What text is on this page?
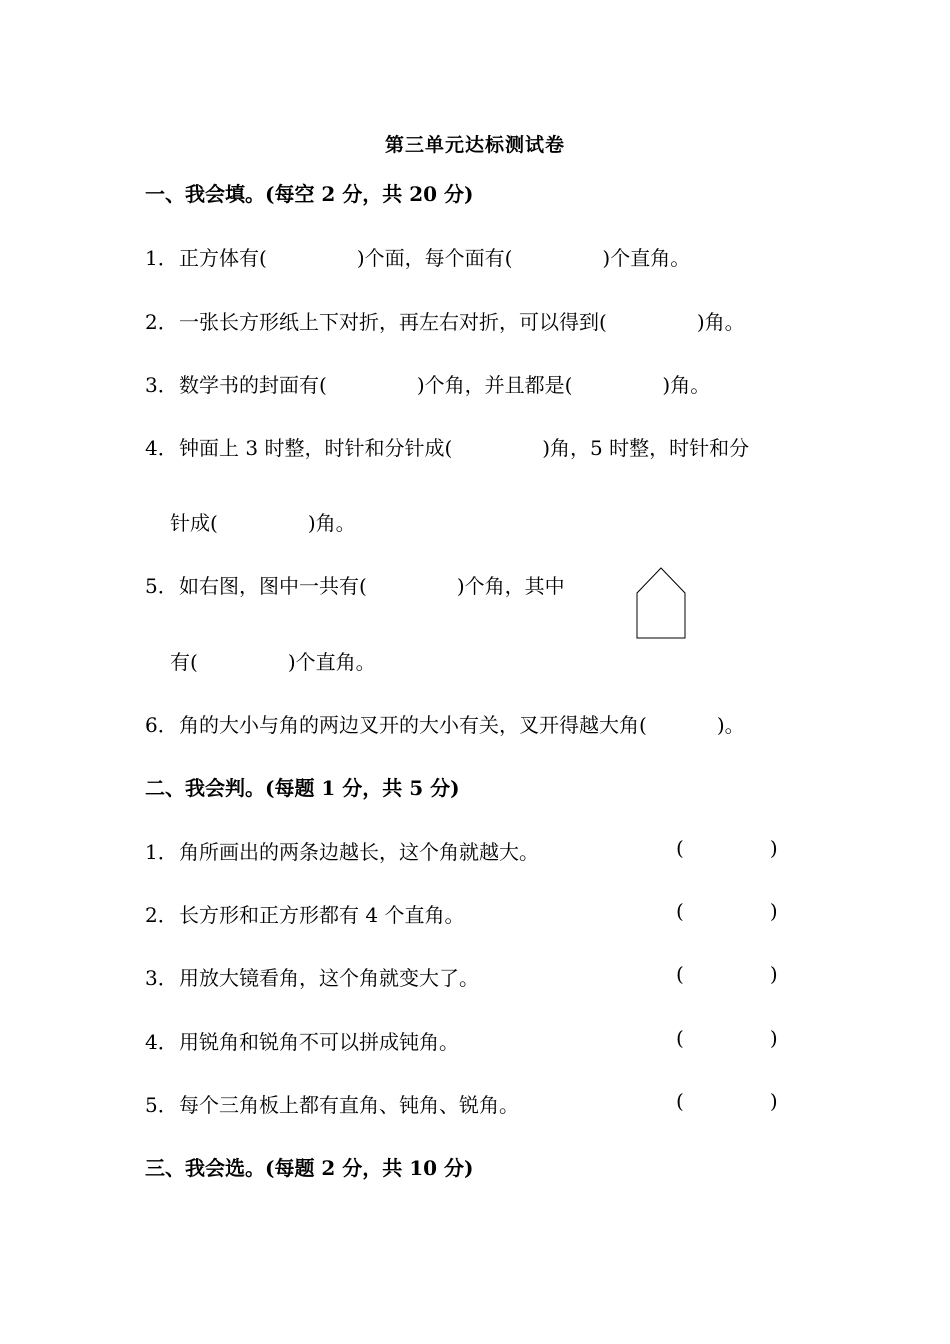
第三单元达标测试卷
一、我会填。(每空 2 分，共 20 分)
1．正方体有(	)个面，每个面有(	)个直角。
2．一张长方形纸上下对折，再左右对折，可以得到(	)角。
3．数学书的封面有(	)个角，并且都是(	)角。
4．钟面上 3 时整，时针和分针成(	)角，5 时整，时针和分
针成(	)角。
5．如右图，图中一共有(	)个角，其中
有(	)个直角。
6．角的大小与角的两边叉开的大小有关，叉开得越大角(	)。
二、我会判。(每题 1 分，共 5 分)
1．角所画出的两条边越长，这个角就越大。	(	)
2．长方形和正方形都有 4 个直角。	(	)
3．用放大镜看角，这个角就变大了。	(	)
4．用锐角和锐角不可以拼成钝角。	(	)
5．每个三角板上都有直角、钝角、锐角。	(	)
三、我会选。(每题 2 分，共 10 分)
